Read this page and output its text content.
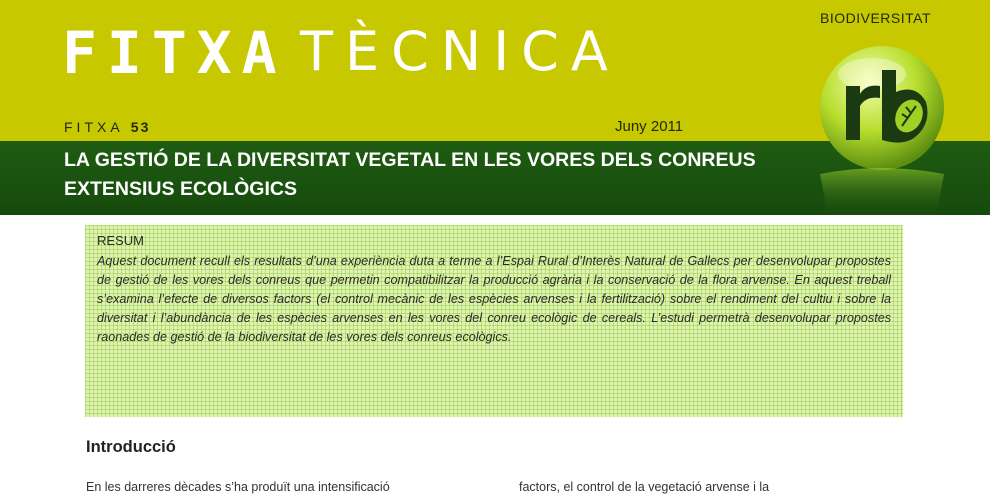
FITXA TÈCNICA
BIODIVERSITAT
FITXA 53	Juny 2011
LA GESTIÓ DE LA DIVERSITAT VEGETAL EN LES VORES DELS CONREUS EXTENSIUS ECOLÒGICS
RESUM
Aquest document recull els resultats d’una experiència duta a terme a l’Espai Rural d’Interès Natural de Gallecs per desenvolupar propostes de gestió de les vores dels conreus que permetin compatibilitzar la producció agrària i la conservació de la flora arvense. En aquest treball s’examina l’efecte de diversos factors (el control mecànic de les espècies arvenses i la fertilització) sobre el rendiment del cultiu i sobre la diversitat i l’abundància de les espècies arvenses en les vores del conreu ecològic de cereals. L’estudi permetrà desenvolupar propostes raonades de gestió de la biodiversitat de les vores dels conreus ecològics.
Introducció
En les darreres dècades s’ha produït una intensificació	factors, el control de la vegetació arvense i la
